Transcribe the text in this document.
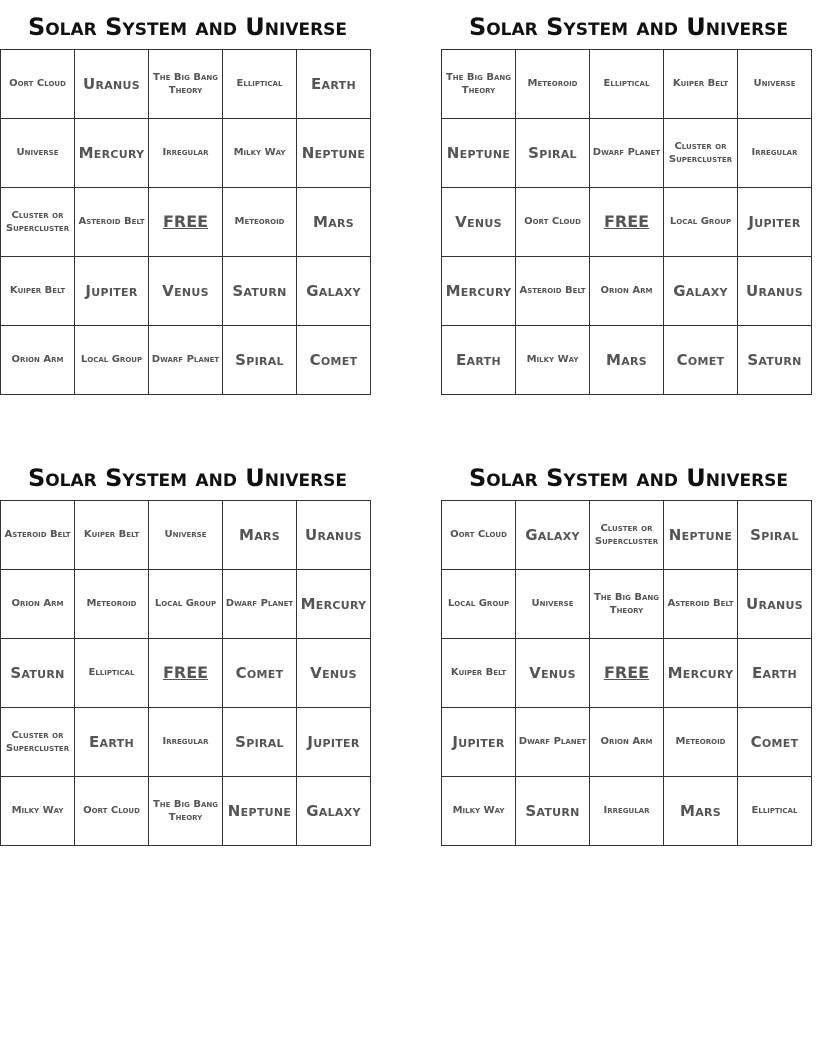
Solar System and Universe
Oort Cloud	Uranus	The Big Bang Theory	Elliptical	Earth
Universe	Mercury	Irregular	Milky Way	Neptune
Cluster or Supercluster	Asteroid Belt	FREE	Meteoroid	Mars
Kuiper Belt	Jupiter	Venus	Saturn	Galaxy
Orion Arm	Local Group	Dwarf Planet	Spiral	Comet
Solar System and Universe
The Big Bang Theory	Meteoroid	Elliptical	Kuiper Belt	Universe
Neptune	Spiral	Dwarf Planet	Cluster or Supercluster	Irregular
Venus	Oort Cloud	FREE	Local Group	Jupiter
Mercury	Asteroid Belt	Orion Arm	Galaxy	Uranus
Earth	Milky Way	Mars	Comet	Saturn
Solar System and Universe
Asteroid Belt	Kuiper Belt	Universe	Mars	Uranus
Orion Arm	Meteoroid	Local Group	Dwarf Planet	Mercury
Saturn	Elliptical	FREE	Comet	Venus
Cluster or Supercluster	Earth	Irregular	Spiral	Jupiter
Milky Way	Oort Cloud	The Big Bang Theory	Neptune	Galaxy
Solar System and Universe
Oort Cloud	Galaxy	Cluster or Supercluster	Neptune	Spiral
Local Group	Universe	The Big Bang Theory	Asteroid Belt	Uranus
Kuiper Belt	Venus	FREE	Mercury	Earth
Jupiter	Dwarf Planet	Orion Arm	Meteoroid	Comet
Milky Way	Saturn	Irregular	Mars	Elliptical
